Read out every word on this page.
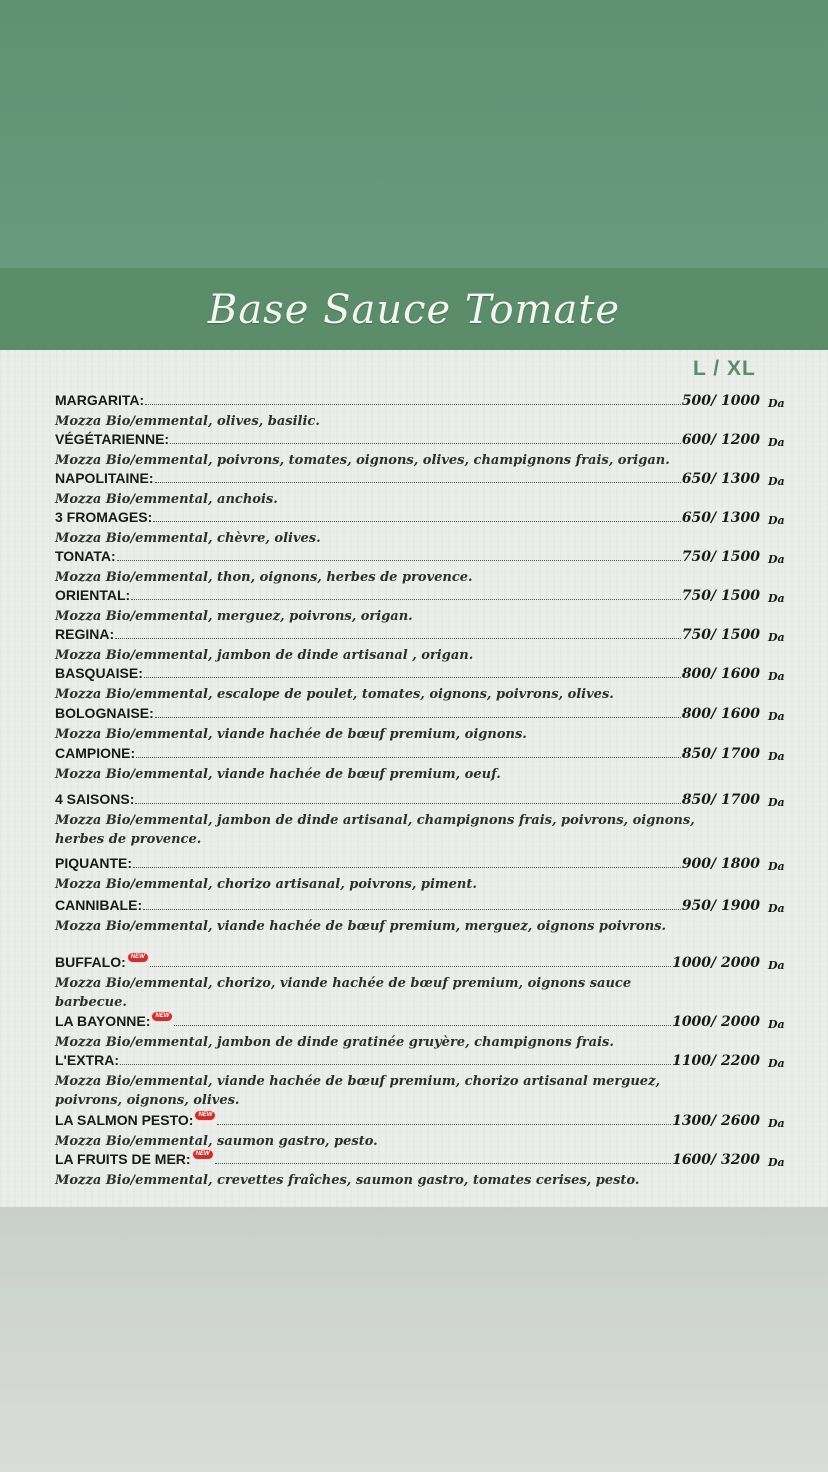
Base Sauce Tomate
L / XL
MARGARITA:	500/ 1000 Da
Mozza Bio/emmental, olives, basilic.
VÉGÉTARIENNE:	600/ 1200 Da
Mozza Bio/emmental, poivrons, tomates, oignons, olives, champignons frais, origan.
NAPOLITAINE:	650/ 1300 Da
Mozza Bio/emmental, anchois.
3 FROMAGES:	650/ 1300 Da
Mozza Bio/emmental, chèvre, olives.
TONATA:	750/ 1500 Da
Mozza Bio/emmental, thon, oignons, herbes de provence.
ORIENTAL:	750/ 1500 Da
Mozza Bio/emmental, merguez, poivrons, origan.
REGINA:	750/ 1500 Da
Mozza Bio/emmental, jambon de dinde artisanal , origan.
BASQUAISE:	800/ 1600 Da
Mozza Bio/emmental, escalope de poulet, tomates, oignons, poivrons, olives.
BOLOGNAISE:	800/ 1600 Da
Mozza Bio/emmental, viande hachée de bœuf premium, oignons.
CAMPIONE:	850/ 1700 Da
Mozza Bio/emmental, viande hachée de bœuf premium, oeuf.
4 SAISONS:	850/ 1700 Da
Mozza Bio/emmental, jambon de dinde artisanal, champignons frais, poivrons, oignons, herbes de provence.
PIQUANTE:	900/ 1800 Da
Mozza Bio/emmental, chorizo artisanal, poivrons, piment.
CANNIBALE:	950/ 1900 Da
Mozza Bio/emmental, viande hachée de bœuf premium, merguez, oignons poivrons.
BUFFALO: NEW	1000/ 2000 Da
Mozza Bio/emmental, chorizo, viande hachée de bœuf premium, oignons sauce barbecue.
LA BAYONNE: NEW	1000/ 2000 Da
Mozza Bio/emmental, jambon de dinde gratinée gruyère, champignons frais.
L'EXTRA:	1100/ 2200 Da
Mozza Bio/emmental, viande hachée de bœuf premium, chorizo artisanal merguez, poivrons, oignons, olives.
LA SALMON PESTO: NEW	1300/ 2600 Da
Mozza Bio/emmental, saumon gastro, pesto.
LA FRUITS DE MER: NEW	1600/ 3200 Da
Mozza Bio/emmental, crevettes fraîches, saumon gastro, tomates cerises, pesto.
